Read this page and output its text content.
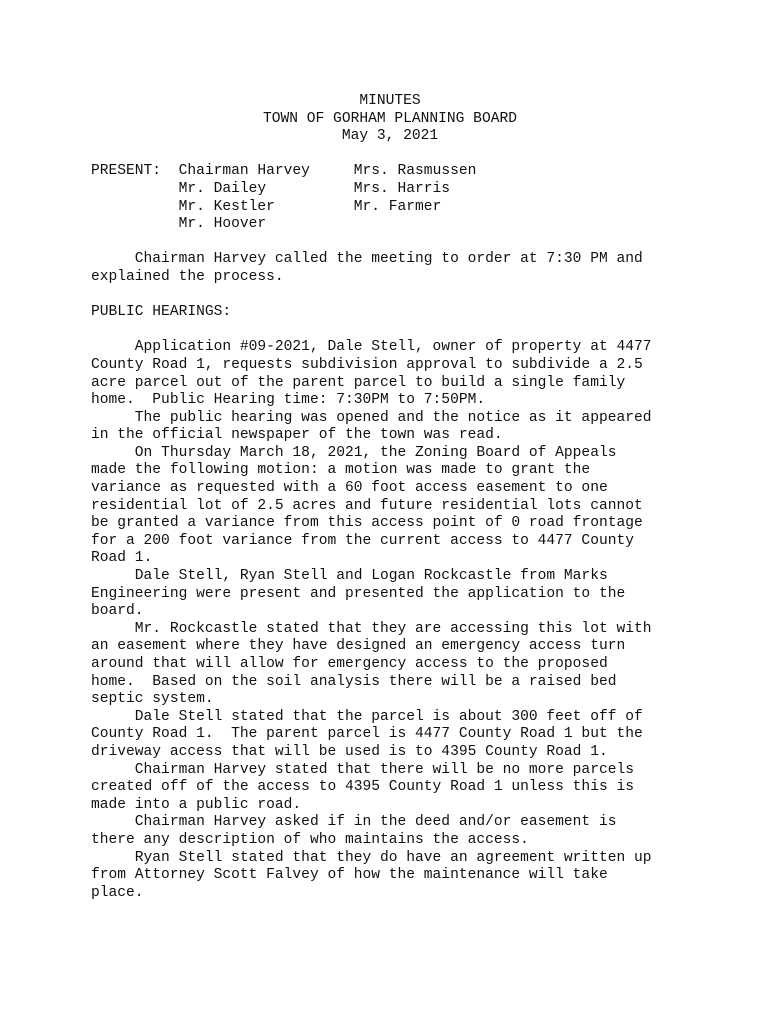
MINUTES
TOWN OF GORHAM PLANNING BOARD
May 3, 2021
PRESENT: Chairman Harvey	Mrs. Rasmussen
Mr. Dailey	Mrs. Harris
Mr. Kestler	Mr. Farmer
Mr. Hoover
Chairman Harvey called the meeting to order at 7:30 PM and
explained the process.
PUBLIC HEARINGS:
Application #09-2021, Dale Stell, owner of property at 4477
County Road 1, requests subdivision approval to subdivide a 2.5
acre parcel out of the parent parcel to build a single family
home.  Public Hearing time: 7:30PM to 7:50PM.
The public hearing was opened and the notice as it appeared
in the official newspaper of the town was read.
On Thursday March 18, 2021, the Zoning Board of Appeals
made the following motion: a motion was made to grant the
variance as requested with a 60 foot access easement to one
residential lot of 2.5 acres and future residential lots cannot
be granted a variance from this access point of 0 road frontage
for a 200 foot variance from the current access to 4477 County
Road 1.
Dale Stell, Ryan Stell and Logan Rockcastle from Marks
Engineering were present and presented the application to the
board.
Mr. Rockcastle stated that they are accessing this lot with
an easement where they have designed an emergency access turn
around that will allow for emergency access to the proposed
home.  Based on the soil analysis there will be a raised bed
septic system.
Dale Stell stated that the parcel is about 300 feet off of
County Road 1.  The parent parcel is 4477 County Road 1 but the
driveway access that will be used is to 4395 County Road 1.
Chairman Harvey stated that there will be no more parcels
created off of the access to 4395 County Road 1 unless this is
made into a public road.
Chairman Harvey asked if in the deed and/or easement is
there any description of who maintains the access.
Ryan Stell stated that they do have an agreement written up
from Attorney Scott Falvey of how the maintenance will take
place.
